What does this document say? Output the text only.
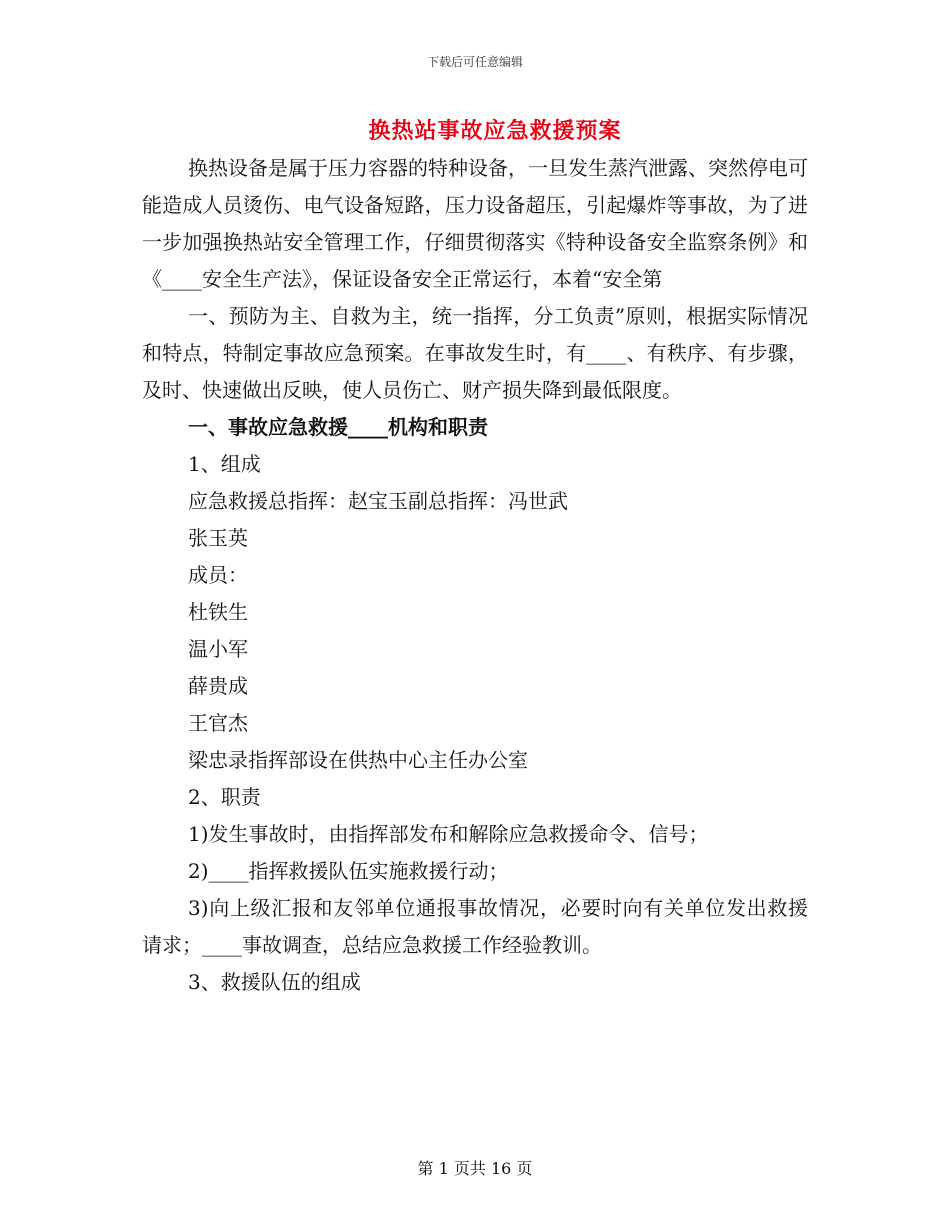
下载后可任意编辑
换热站事故应急救援预案

换热设备是属于压力容器的特种设备，一旦发生蒸汽泄露、突然停电可能造成人员烫伤、电气设备短路，压力设备超压，引起爆炸等事故，为了进一步加强换热站安全管理工作，仔细贯彻落实《特种设备安全监察条例》和《____安全生产法》，保证设备安全正常运行，本着“安全第

一、预防为主、自救为主，统一指挥，分工负责”原则，根据实际情况和特点，特制定事故应急预案。在事故发生时，有____、有秩序、有步骤，及时、快速做出反映，使人员伤亡、财产损失降到最低限度。

一、事故应急救援____机构和职责

1、组成

应急救援总指挥：赵宝玉副总指挥：冯世武

张玉英

成员：

杜铁生

温小军

薛贵成

王官杰

梁忠录指挥部设在供热中心主任办公室

2、职责

1)发生事故时，由指挥部发布和解除应急救援命令、信号；

2)____指挥救援队伍实施救援行动；

3)向上级汇报和友邻单位通报事故情况，必要时向有关单位发出救援请求；____事故调查，总结应急救援工作经验教训。

3、救援队伍的组成

第 1 页共 16 页
